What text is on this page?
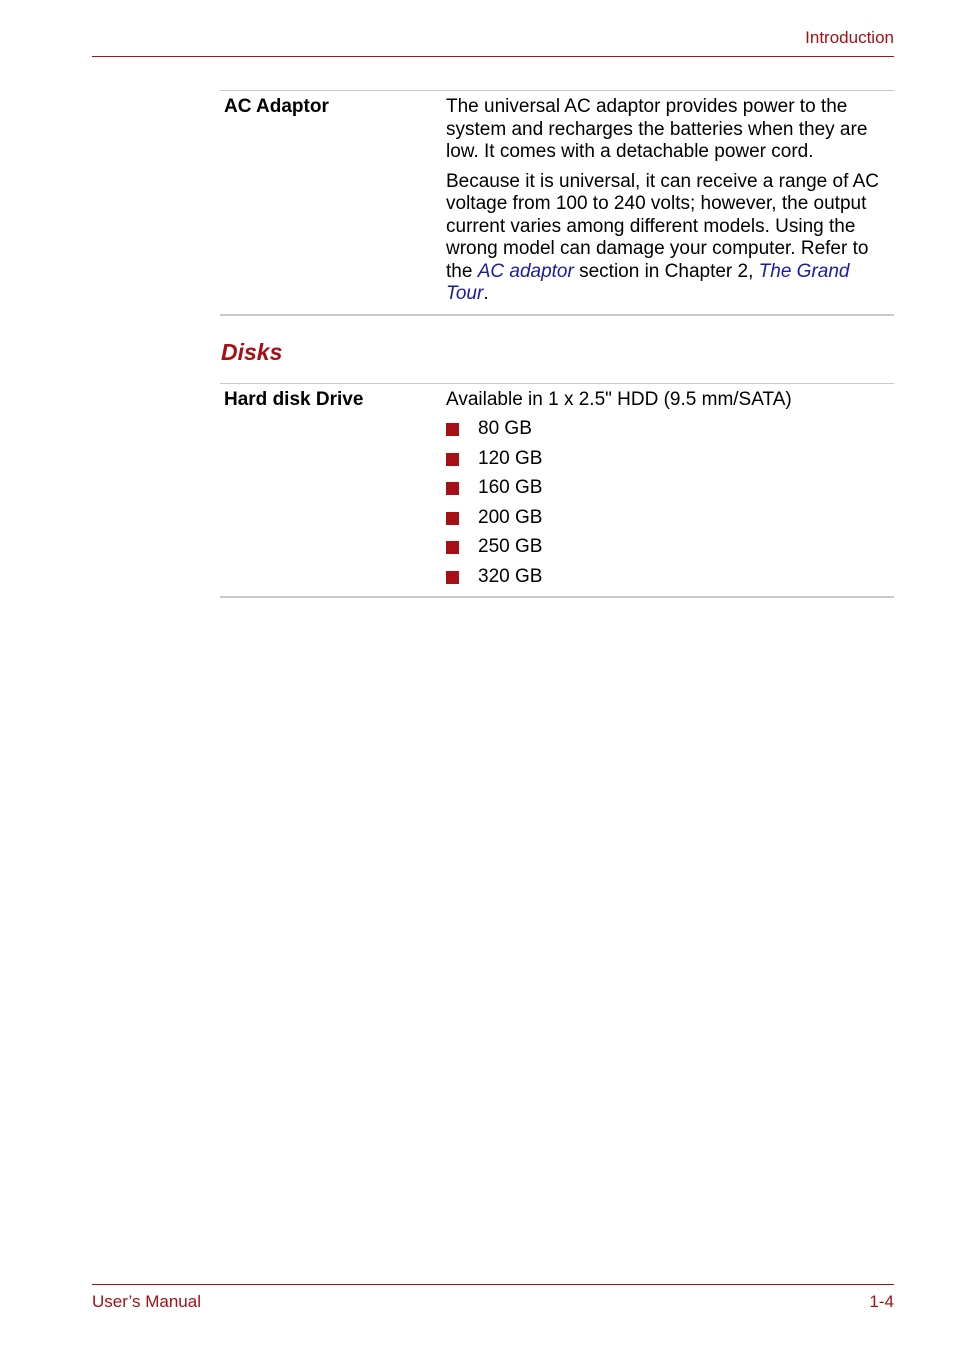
Introduction
AC Adaptor	The universal AC adaptor provides power to the system and recharges the batteries when they are low. It comes with a detachable power cord.

Because it is universal, it can receive a range of AC voltage from 100 to 240 volts; however, the output current varies among different models. Using the wrong model can damage your computer. Refer to the AC adaptor section in Chapter 2, The Grand Tour.

Disks
Hard disk Drive	Available in 1 x 2.5" HDD (9.5 mm/SATA)
80 GB
120 GB
160 GB
200 GB
250 GB
320 GB
User’s Manual	1-4
